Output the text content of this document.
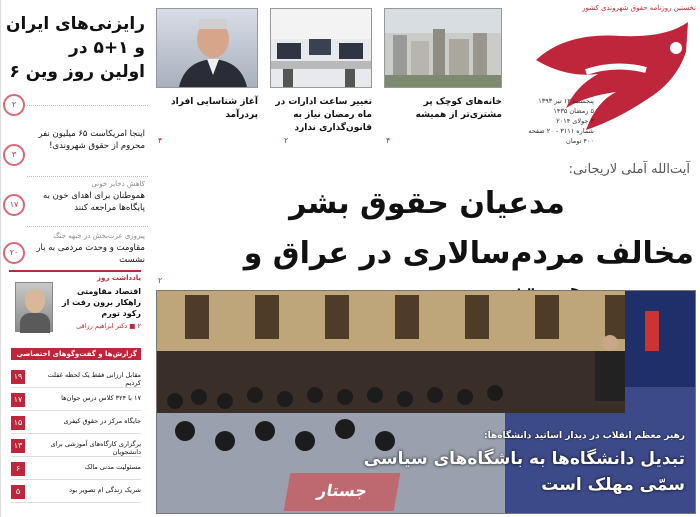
رایزنی‌های ایران
و ۱+۵ در
اولین روز وین ۶
۲
اینجا امریکاست ۶۵ میلیون نفر محروم از حقوق شهروندی!
۳
کاهش ذخایر خونی
هموطنان برای اهدای خون به پایگاه‌ها مراجعه کنند
۱۷
پیروزی عزت‌بخش در جبهه جنگ
مقاومت و وحدت مردمی به بار نشست
۲۰
یادداشت روز
اقتصاد مقاومتی راهکار برون رفت از رکود تورم
۲ ■ دکتر ابراهیم رزاقی
گزارش‌ها و گفت‌وگوهای اختصاصی
مقابل ارزانی فقط یک لحظه غفلت کردیم
۱۹
۱۷ با ۳۲۴ کلاس درس جوان‌ها
۱۷
جایگاه مرکز در حقوق کیفری
۱۵
برگزاری کارگاه‌های آموزشی برای دانشجویان
۱۳
مسئولیت مدنی مالک
۶
شریک زندگی ام تصویر بود
۵
آغاز شناسایی افراد پردرآمد
۴
تغییر ساعت ادارات در ماه رمضان نیاز به قانون‌گذاری ندارد
۲
خانه‌های کوچک پر مشتری‌تر از همیشه
۴
نخستین روزنامه حقوق شهروندی کشور
پنجشنبه ۱۲ تیر ۱۳۹۳
۵ رمضان ۱۴۳۵
۳ جولای ۲۰۱۴
شماره ۳۱۱۱ - ۲۰ صفحه
۴۰۰ تومان
آیت‌الله آملی لاریجانی:
مدعیان حقوق بشر
مخالف مردم‌سالاری در عراق و
۲
رهبر معظم انقلاب در دیدار اساتید دانشگاه‌ها:
تبدیل دانشگاه‌ها به باشگاه‌های سیاسی
سمّی مهلک است
جستار
